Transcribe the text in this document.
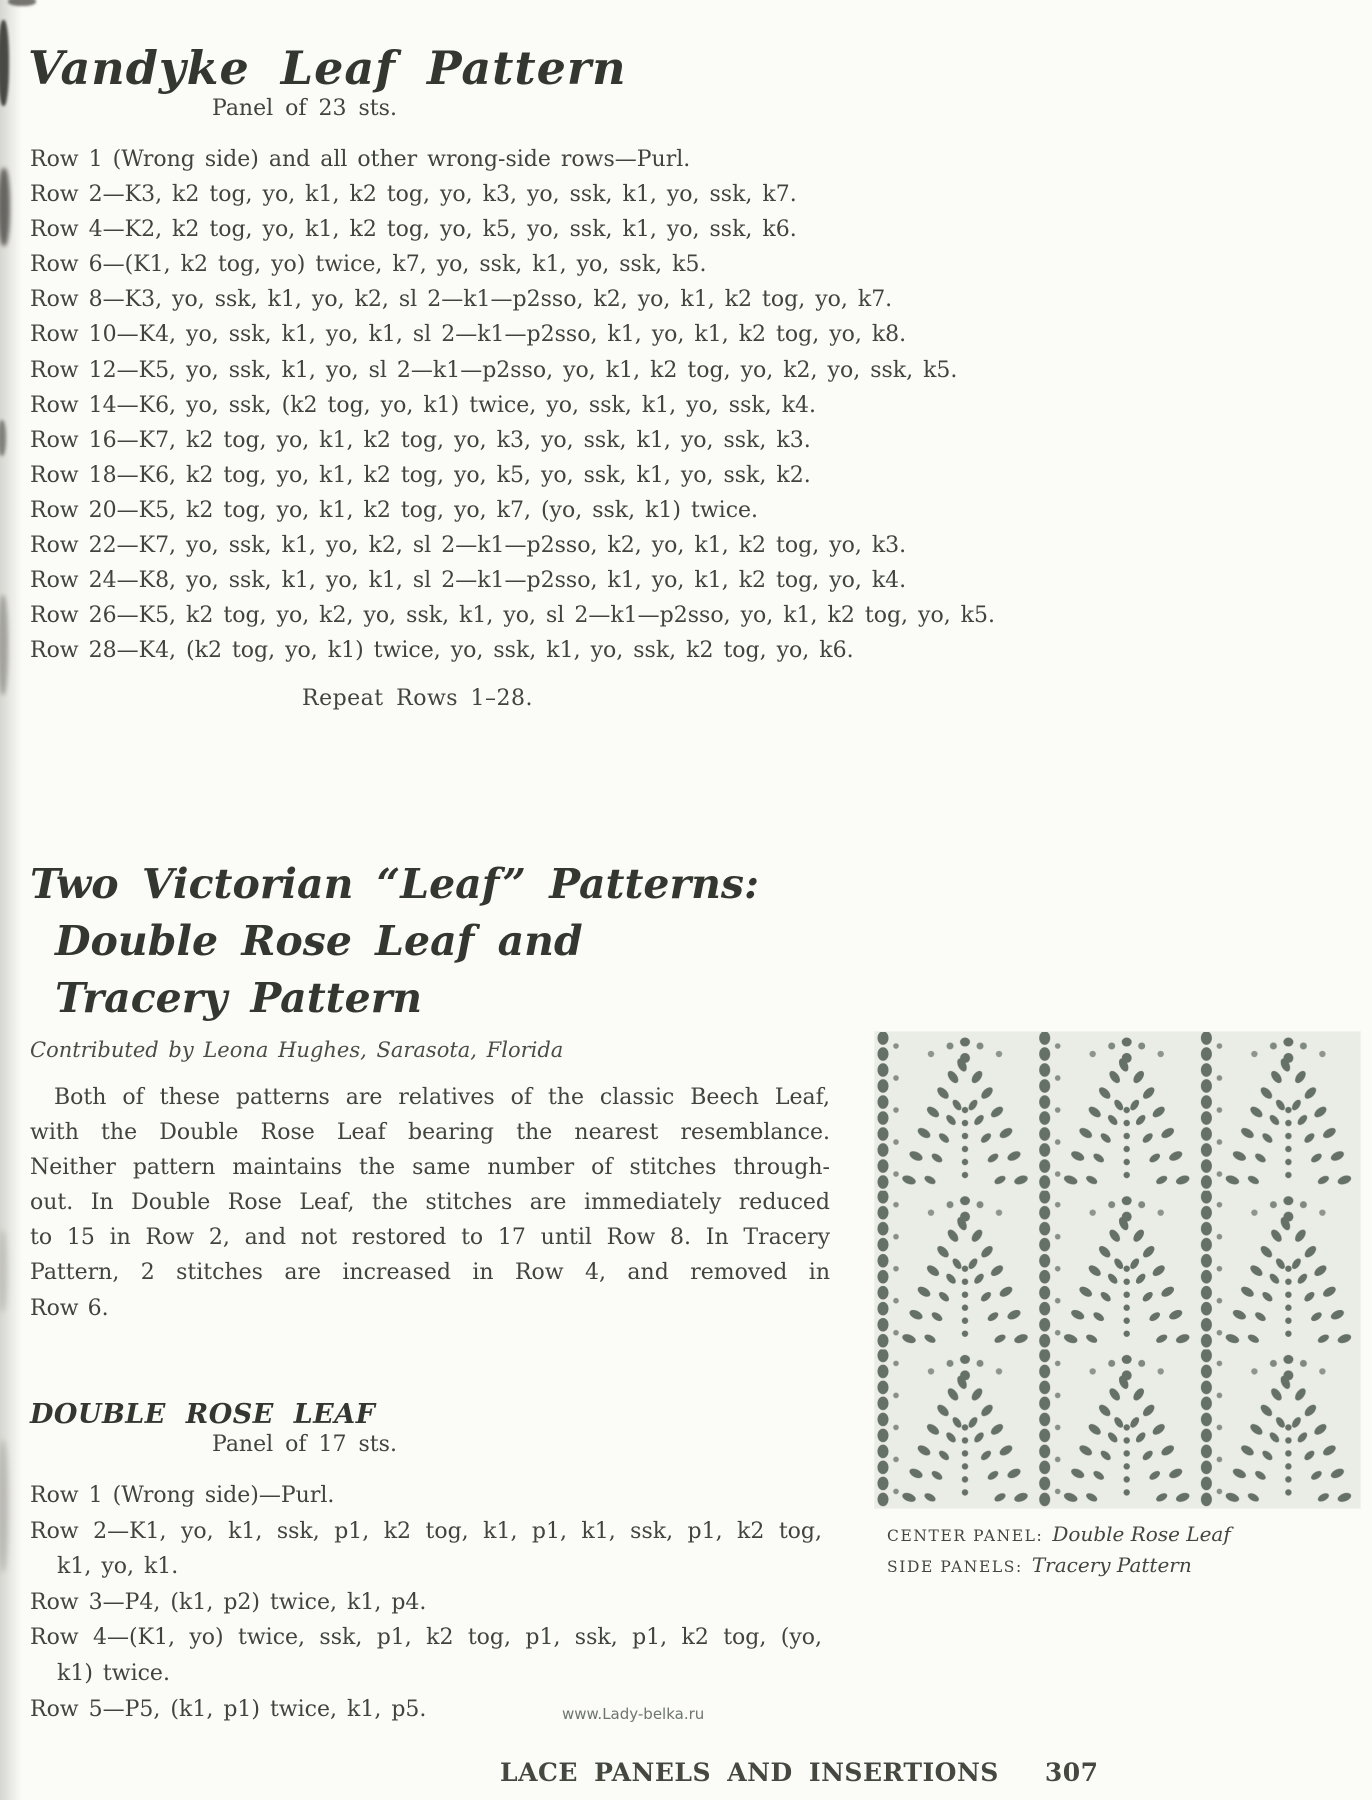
Vandyke Leaf Pattern
Panel of 23 sts.
Row 1 (Wrong side) and all other wrong-side rows—Purl.
Row 2—K3, k2 tog, yo, k1, k2 tog, yo, k3, yo, ssk, k1, yo, ssk, k7.
Row 4—K2, k2 tog, yo, k1, k2 tog, yo, k5, yo, ssk, k1, yo, ssk, k6.
Row 6—(K1, k2 tog, yo) twice, k7, yo, ssk, k1, yo, ssk, k5.
Row 8—K3, yo, ssk, k1, yo, k2, sl 2—k1—p2sso, k2, yo, k1, k2 tog, yo, k7.
Row 10—K4, yo, ssk, k1, yo, k1, sl 2—k1—p2sso, k1, yo, k1, k2 tog, yo, k8.
Row 12—K5, yo, ssk, k1, yo, sl 2—k1—p2sso, yo, k1, k2 tog, yo, k2, yo, ssk, k5.
Row 14—K6, yo, ssk, (k2 tog, yo, k1) twice, yo, ssk, k1, yo, ssk, k4.
Row 16—K7, k2 tog, yo, k1, k2 tog, yo, k3, yo, ssk, k1, yo, ssk, k3.
Row 18—K6, k2 tog, yo, k1, k2 tog, yo, k5, yo, ssk, k1, yo, ssk, k2.
Row 20—K5, k2 tog, yo, k1, k2 tog, yo, k7, (yo, ssk, k1) twice.
Row 22—K7, yo, ssk, k1, yo, k2, sl 2—k1—p2sso, k2, yo, k1, k2 tog, yo, k3.
Row 24—K8, yo, ssk, k1, yo, k1, sl 2—k1—p2sso, k1, yo, k1, k2 tog, yo, k4.
Row 26—K5, k2 tog, yo, k2, yo, ssk, k1, yo, sl 2—k1—p2sso, yo, k1, k2 tog, yo, k5.
Row 28—K4, (k2 tog, yo, k1) twice, yo, ssk, k1, yo, ssk, k2 tog, yo, k6.
Repeat Rows 1–28.
Two Victorian “Leaf” Patterns:
Double Rose Leaf and
Tracery Pattern
Contributed by Leona Hughes, Sarasota, Florida
Both of these patterns are relatives of the classic Beech Leaf,
with the Double Rose Leaf bearing the nearest resemblance.
Neither pattern maintains the same number of stitches through-
out. In Double Rose Leaf, the stitches are immediately reduced
to 15 in Row 2, and not restored to 17 until Row 8. In Tracery
Pattern, 2 stitches are increased in Row 4, and removed in
Row 6.
DOUBLE ROSE LEAF
Panel of 17 sts.
Row 1 (Wrong side)—Purl.
Row 2—K1, yo, k1, ssk, p1, k2 tog, k1, p1, k1, ssk, p1, k2 tog,
k1, yo, k1.
Row 3—P4, (k1, p2) twice, k1, p4.
Row 4—(K1, yo) twice, ssk, p1, k2 tog, p1, ssk, p1, k2 tog, (yo,
k1) twice.
Row 5—P5, (k1, p1) twice, k1, p5.
CENTER PANEL: Double Rose Leaf
SIDE PANELS: Tracery Pattern
www.Lady-belka.ru
LACE PANELS AND INSERTIONS 307
